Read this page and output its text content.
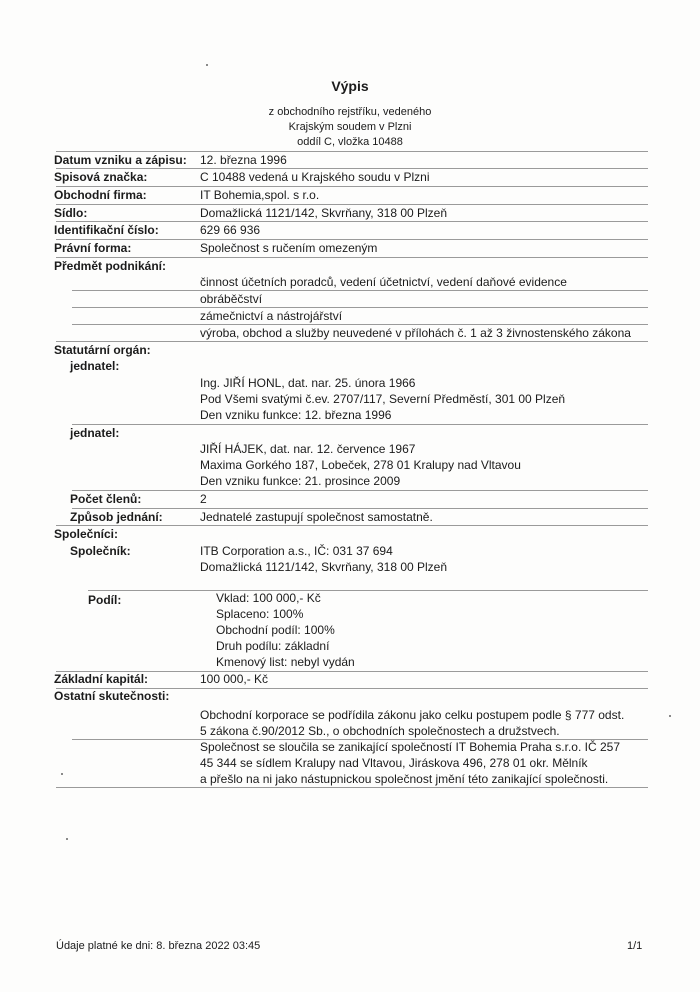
Výpis
z obchodního rejstříku, vedeného
Krajským soudem v Plzni
oddíl C, vložka 10488
Datum vzniku a zápisu: 12. března 1996
Spisová značka:	C 10488 vedená u Krajského soudu v Plzni
Obchodní firma:	IT Bohemia,spol. s r.o.
Sídlo:	Domažlická 1121/142, Skvrňany, 318 00 Plzeň
Identifikační číslo:	629 66 936
Právní forma:	Společnost s ručením omezeným
Předmět podnikání:
činnost účetních poradců, vedení účetnictví, vedení daňové evidence
obráběčství
zámečnictví a nástrojářství
výroba, obchod a služby neuvedené v přílohách č. 1 až 3 živnostenského zákona
Statutární orgán:
jednatel:
Ing. JIŘÍ HONL, dat. nar. 25. února 1966
Pod Všemi svatými č.ev. 2707/117, Severní Předměstí, 301 00 Plzeň
Den vzniku funkce: 12. března 1996
jednatel:
JIŘÍ HÁJEK, dat. nar. 12. července 1967
Maxima Gorkého 187, Lobeček, 278 01 Kralupy nad Vltavou
Den vzniku funkce: 21. prosince 2009
Počet členů:	2
Způsob jednání:	Jednatelé zastupují společnost samostatně.
Společníci:
Společník:	ITB Corporation a.s., IČ: 031 37 694
Domažlická 1121/142, Skvrňany, 318 00 Plzeň
Podíl:	Vklad: 100 000,- Kč
Splaceno: 100%
Obchodní podíl: 100%
Druh podílu: základní
Kmenový list: nebyl vydán
Základní kapitál:	100 000,- Kč
Ostatní skutečnosti:
Obchodní korporace se podřídila zákonu jako celku postupem podle § 777 odst.
5 zákona č.90/2012 Sb., o obchodních společnostech a družstvech.
Společnost se sloučila se zanikající společností IT Bohemia Praha s.r.o. IČ 257
45 344 se sídlem Kralupy nad Vltavou, Jiráskova 496, 278 01 okr. Mělník
a přešlo na ni jako nástupnickou společnost jmění této zanikající společnosti.
Údaje platné ke dni: 8. března 2022 03:45	1/1
